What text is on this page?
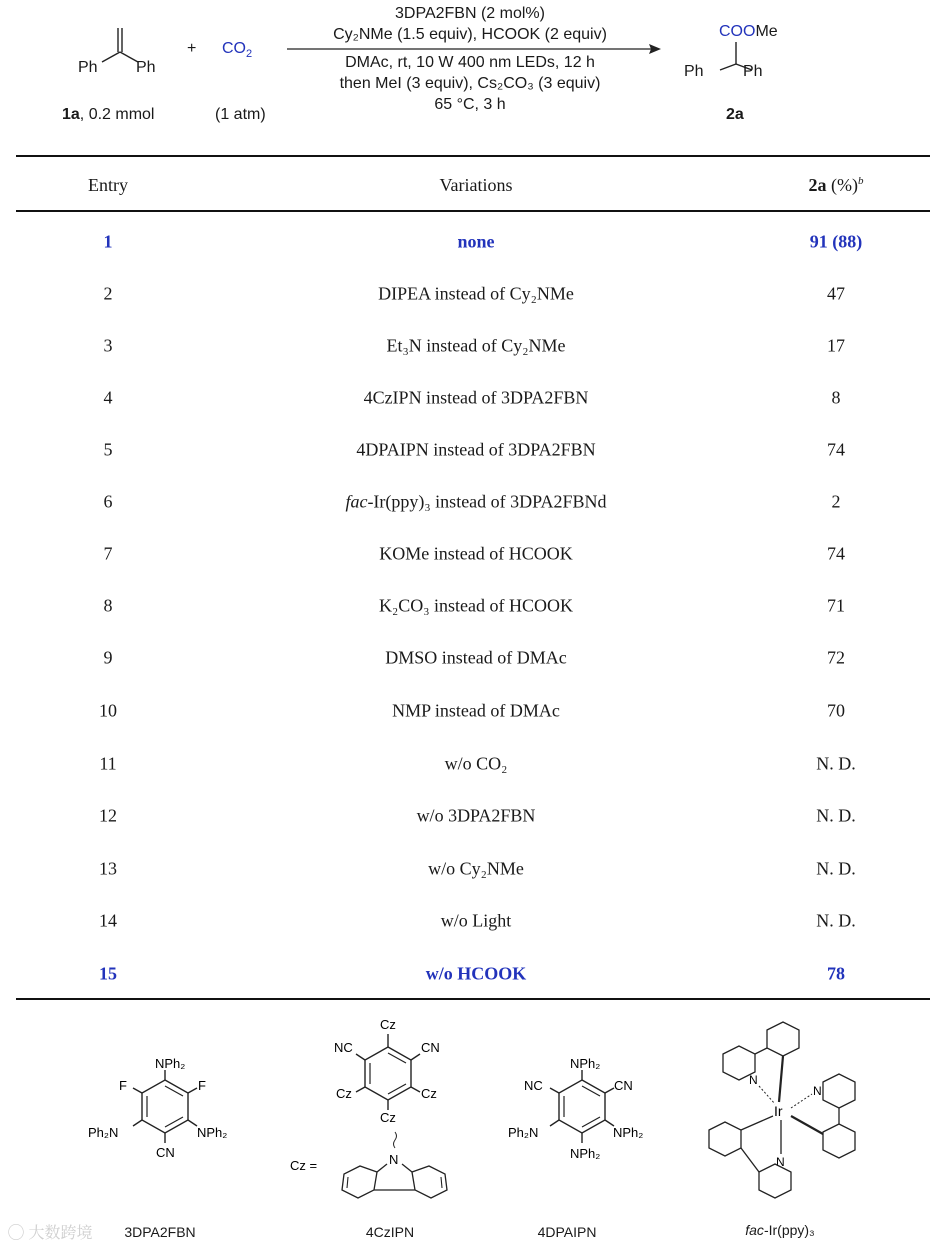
Ph Ph
1a, 0.2 mmol
+ $CO_2$
(1 atm)
3DPA2FBN (2 mol%)
Cy₂NMe (1.5 equiv), HCOOK (2 equiv)
DMAc, rt, 10 W 400 nm LEDs, 12 h
then MeI (3 equiv), Cs₂CO₃ (3 equiv)
65 °C, 3 h
COOMe
Ph Ph
2a
Entry	Variations	2a (%)$^b$
1	none	91 (88)
2	DIPEA instead of Cy₂NMe	47
3	Et₃N instead of Cy₂NMe	17
4	4CzIPN instead of 3DPA2FBN	8
5	4DPAIPN instead of 3DPA2FBN	74
6	fac-Ir(ppy)₃ instead of 3DPA2FBNd	2
7	KOMe instead of HCOOK	74
8	K₂CO₃ instead of HCOOK	71
9	DMSO instead of DMAc	72
10	NMP instead of DMAc	70
11	w/o CO₂	N. D.
12	w/o 3DPA2FBN	N. D.
13	w/o Cy₂NMe	N. D.
14	w/o Light	N. D.
15	w/o HCOOK	78
NPh₂
F	F
Ph₂N	NPh₂
CN
3DPA2FBN
Cz
NC	CN
Cz	Cz
Cz
Cz =	N
4CzIPN
NPh₂
NC	CN
Ph₂N	NPh₂
NPh₂
4DPAIPN
Ir
N
N
N
fac-Ir(ppy)₃
◯ 大数跨境
